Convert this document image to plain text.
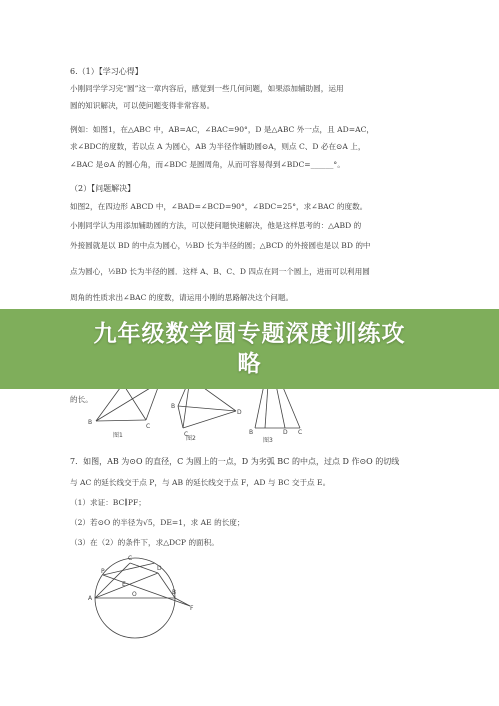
6.（1）【学习心得】
小刚同学学习完“圆”这一章内容后，感觉到一些几何问题，如果添加辅助圆，运用
圆的知识解决，可以使问题变得非常容易。
例如：如图1，在△ABC 中，AB=AC，∠BAC=90°，D 是△ABC 外一点，且 AD=AC，
求∠BDC的度数，若以点 A 为圆心，AB 为半径作辅助圆⊙A，则点 C、D 必在⊙A 上，
∠BAC 是⊙A 的圆心角，而∠BDC 是圆周角，从而可容易得到∠BDC=______°。
（2）【问题解决】
如图2，在四边形 ABCD 中，∠BAD=∠BCD=90°，∠BDC=25°，求∠BAC 的度数。
小刚同学认为用添加辅助圆的方法，可以使问题快速解决，他是这样思考的：△ABD 的
外接圆就是以 BD 的中点为圆心，½BD 长为半径的圆；△BCD 的外接圆也是以 BD 的中
点为圆心，½BD 长为半径的圆．这样 A、B、C、D 四点在同一个圆上，进而可以利用圆
周角的性质求出∠BAC 的度数，请运用小刚的思路解决这个问题。
的长。
B
C
B
C
D
B	D C
图1	图2	图3
7．如图，AB 为⊙O 的直径，C 为圆上的一点，D 为劣弧 BC 的中点，过点 D 作⊙O 的切线
与 AC 的延长线交于点 P，与 AB 的延长线交于点 F，AD 与 BC 交于点 E。
（1）求证：BC∥PF；
（2）若⊙O 的半径为√5，DE=1，求 AE 的长度；
（3）在（2）的条件下，求△DCP 的面积。
C
D
P
A
O	B
F
E
九年级数学圆专题深度训练攻
略
